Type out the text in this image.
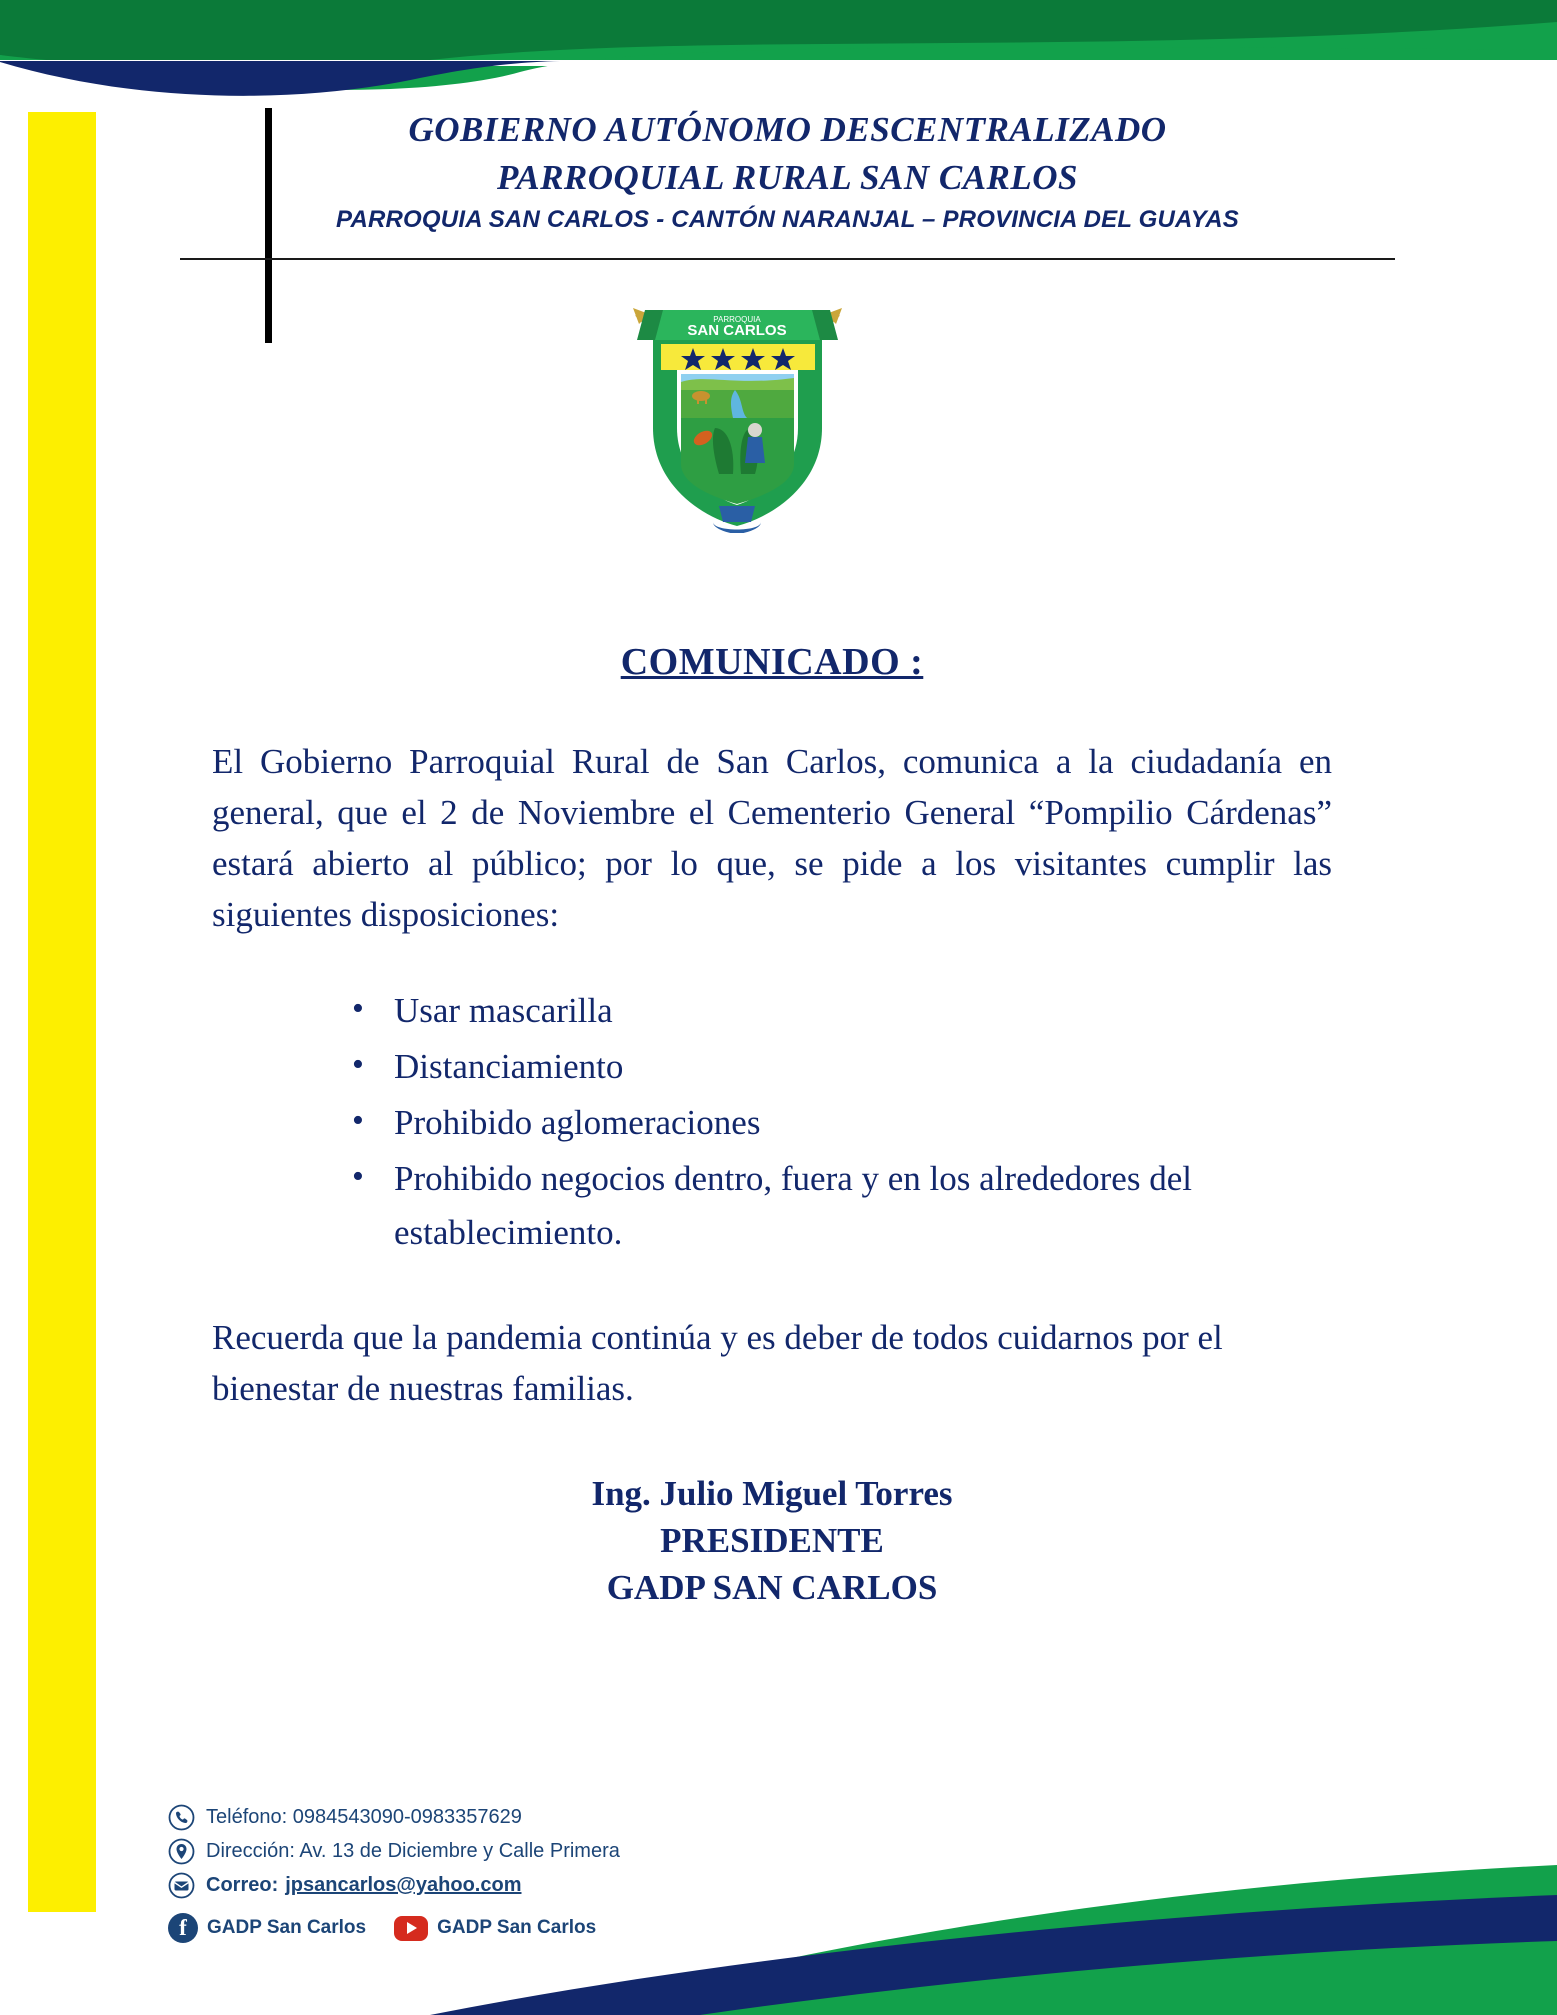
GOBIERNO AUTÓNOMO DESCENTRALIZADO
PARROQUIAL RURAL SAN CARLOS
PARROQUIA SAN CARLOS - CANTÓN NARANJAL – PROVINCIA DEL GUAYAS
PARROQUIA
SAN CARLOS
COMUNICADO :

El Gobierno Parroquial Rural de San Carlos, comunica a la ciudadanía en general, que el 2 de Noviembre el Cementerio General “Pompilio Cárdenas” estará abierto al público; por lo que, se pide a los visitantes cumplir las siguientes disposiciones:

• Usar mascarilla
• Distanciamiento
• Prohibido aglomeraciones
• Prohibido negocios dentro, fuera y en los alrededores del establecimiento.

Recuerda que la pandemia continúa y es deber de todos cuidarnos por el bienestar de nuestras familias.

Ing. Julio Miguel Torres
PRESIDENTE
GADP SAN CARLOS
Teléfono: 0984543090-0983357629
Dirección: Av. 13 de Diciembre y Calle Primera
Correo: jpsancarlos@yahoo.com
f	GADP San Carlos	GADP San Carlos
